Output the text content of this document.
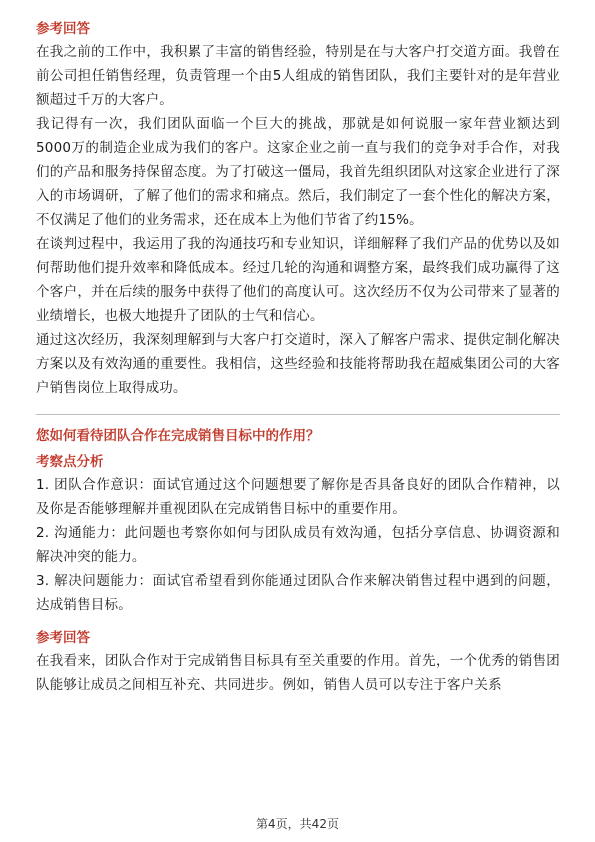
参考回答

在我之前的工作中，我积累了丰富的销售经验，特别是在与大客户打交道方面。我曾在前公司担任销售经理，负责管理一个由5人组成的销售团队，我们主要针对的是年营业额超过千万的大客户。

我记得有一次，我们团队面临一个巨大的挑战，那就是如何说服一家年营业额达到5000万的制造企业成为我们的客户。这家企业之前一直与我们的竞争对手合作，对我们的产品和服务持保留态度。为了打破这一僵局，我首先组织团队对这家企业进行了深入的市场调研，了解了他们的需求和痛点。然后，我们制定了一套个性化的解决方案，不仅满足了他们的业务需求，还在成本上为他们节省了约15%。

在谈判过程中，我运用了我的沟通技巧和专业知识，详细解释了我们产品的优势以及如何帮助他们提升效率和降低成本。经过几轮的沟通和调整方案，最终我们成功赢得了这个客户，并在后续的服务中获得了他们的高度认可。这次经历不仅为公司带来了显著的业绩增长，也极大地提升了团队的士气和信心。

通过这次经历，我深刻理解到与大客户打交道时，深入了解客户需求、提供定制化解决方案以及有效沟通的重要性。我相信，这些经验和技能将帮助我在超威集团公司的大客户销售岗位上取得成功。

您如何看待团队合作在完成销售目标中的作用？

考察点分析

1. 团队合作意识：面试官通过这个问题想要了解你是否具备良好的团队合作精神，以及你是否能够理解并重视团队在完成销售目标中的重要作用。

2. 沟通能力：此问题也考察你如何与团队成员有效沟通，包括分享信息、协调资源和解决冲突的能力。

3. 解决问题能力：面试官希望看到你能通过团队合作来解决销售过程中遇到的问题，达成销售目标。

参考回答

在我看来，团队合作对于完成销售目标具有至关重要的作用。首先，一个优秀的销售团队能够让成员之间相互补充、共同进步。例如，销售人员可以专注于客户关系

第4页，共42页
